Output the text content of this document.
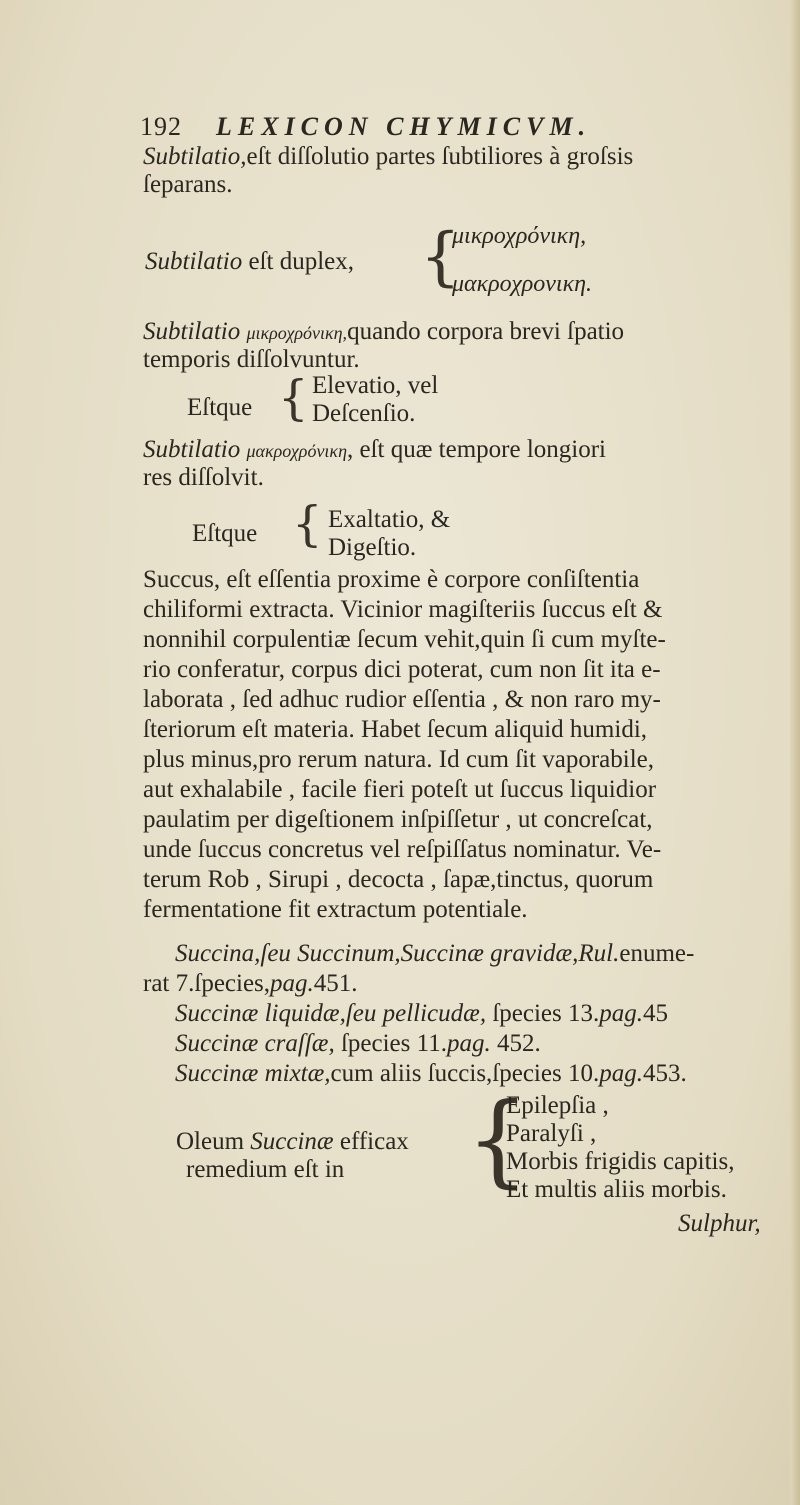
192 LEXICON CHYMICVM.
Subtilatio,eſt diſſolutio partes ſubtiliores à groſsis
ſeparans.
Subtilatio eſt duplex, {
μικροχρόνικη,
μακροχρονικη.
Subtilatio μικροχρόνικη,quando corpora brevi ſpatio
temporis diſſolvuntur.
Eſtque { Elevatio, vel
Deſcenſio.
Subtilatio μακροχρόνικη, eſt quæ tempore longiori
res diſſolvit.
Eſtque { Exaltatio, &
Digeſtio.
Succus, eſt eſſentia proxime è corpore conſiſtentia
chiliformi extracta. Vicinior magiſteriis ſuccus eſt &
nonnihil corpulentiæ ſecum vehit,quin ſi cum myſte-
rio conferatur, corpus dici poterat, cum non ſit ita e-
laborata , ſed adhuc rudior eſſentia , & non raro my-
ſteriorum eſt materia. Habet ſecum aliquid humidi,
plus minus,pro rerum natura. Id cum ſit vaporabile,
aut exhalabile , facile fieri poteſt ut ſuccus liquidior
paulatim per digeſtionem inſpiſſetur , ut concreſcat,
unde ſuccus concretus vel reſpiſſatus nominatur. Ve-
terum Rob , Sirupi , decocta , ſapæ,tinctus, quorum
fermentatione fit extractum potentiale.
Succina,ſeu Succinum,Succinæ gravidæ,Rul.enume-
rat 7.ſpecies,pag.451.
Succinæ liquidæ,ſeu pellicudæ, ſpecies 13.pag.45
Succinæ craſſæ, ſpecies 11.pag. 452.
Succinæ mixtæ,cum aliis ſuccis,ſpecies 10.pag.453.
Oleum Succinæ efficax
remedium eſt in {
Epilepſia ,
Paralyſi ,
Morbis frigidis capitis,
Et multis aliis morbis.
Sulphur,
